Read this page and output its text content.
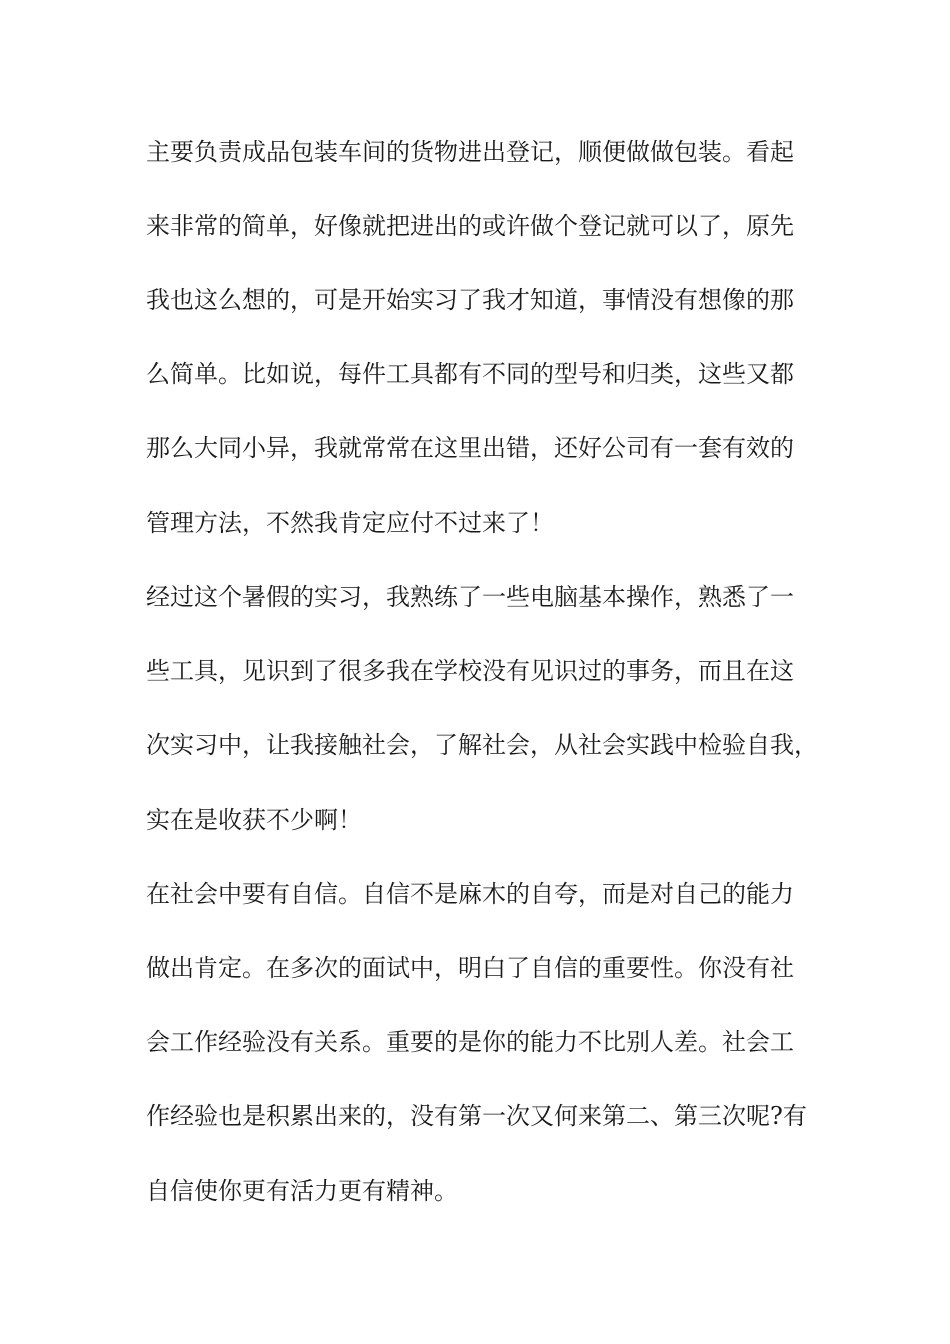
主要负责成品包装车间的货物进出登记，顺便做做包装。看起
来非常的简单，好像就把进出的或许做个登记就可以了，原先
我也这么想的，可是开始实习了我才知道，事情没有想像的那
么简单。比如说，每件工具都有不同的型号和归类，这些又都
那么大同小异，我就常常在这里出错，还好公司有一套有效的
管理方法，不然我肯定应付不过来了！
经过这个暑假的实习，我熟练了一些电脑基本操作，熟悉了一
些工具，见识到了很多我在学校没有见识过的事务，而且在这
次实习中，让我接触社会，了解社会，从社会实践中检验自我，
实在是收获不少啊！
在社会中要有自信。自信不是麻木的自夸，而是对自己的能力
做出肯定。在多次的面试中，明白了自信的重要性。你没有社
会工作经验没有关系。重要的是你的能力不比别人差。社会工
作经验也是积累出来的，没有第一次又何来第二、第三次呢?有
自信使你更有活力更有精神。
